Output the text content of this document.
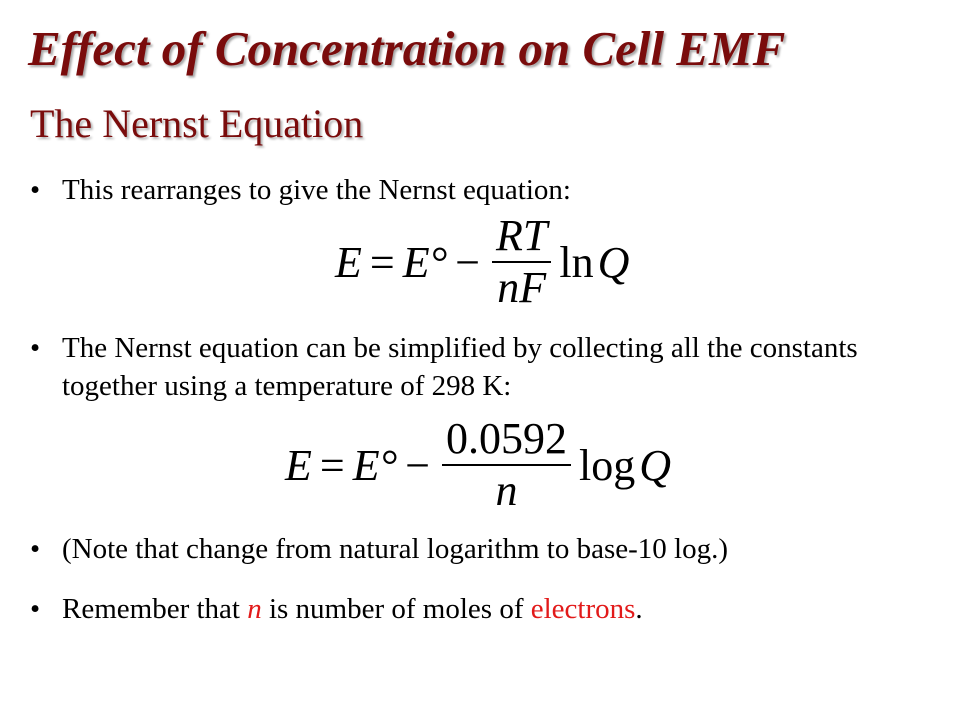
Effect of Concentration on Cell EMF
The Nernst Equation
• This rearranges to give the Nernst equation:
$E = E^\circ - \frac{RT}{nF}$ ln Q
• The Nernst equation can be simplified by collecting all the constants together using a temperature of 298 K:
$E = E^\circ - \frac{0.0592}{n}$ log Q
• (Note that change from natural logarithm to base-10 log.)
• Remember that n is number of moles of electrons.
